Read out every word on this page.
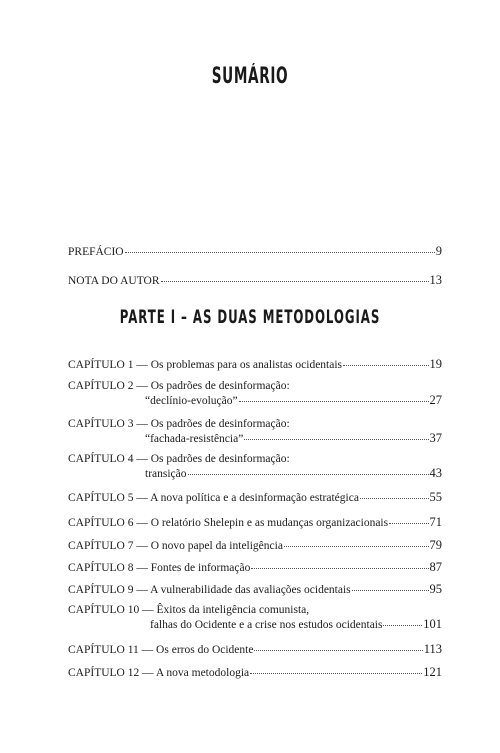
SUMÁRIO
PREFÁCIO	9
NOTA DO AUTOR	13
PARTE I – AS DUAS METODOLOGIAS
CAPÍTULO 1 — Os problemas para os analistas ocidentais	19
CAPÍTULO 2 — Os padrões de desinformação:
“declínio-evolução”	27
CAPÍTULO 3 — Os padrões de desinformação:
“fachada-resistência”	37
CAPÍTULO 4 — Os padrões de desinformação:
transição	43
CAPÍTULO 5 — A nova política e a desinformação estratégica	55
CAPÍTULO 6 — O relatório Shelepin e as mudanças organizacionais	71
CAPÍTULO 7 — O novo papel da inteligência	79
CAPÍTULO 8 — Fontes de informação	87
CAPÍTULO 9 — A vulnerabilidade das avaliações ocidentais	95
CAPÍTULO 10 — Êxitos da inteligência comunista,
falhas do Ocidente e a crise nos estudos ocidentais	101
CAPÍTULO 11 — Os erros do Ocidente	113
CAPÍTULO 12 — A nova metodologia	121
